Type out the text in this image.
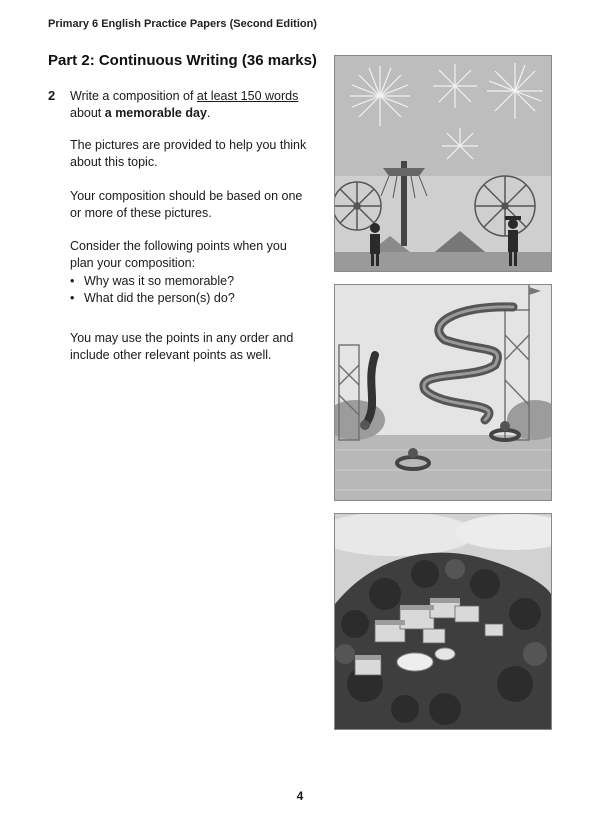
Primary 6 English Practice Papers (Second Edition)
Part 2: Continuous Writing (36 marks)
2 Write a composition of at least 150 words about a memorable day.
The pictures are provided to help you think about this topic.
Your composition should be based on one or more of these pictures.
Consider the following points when you plan your composition:
• Why was it so memorable?
• What did the person(s) do?
You may use the points in any order and include other relevant points as well.
4
